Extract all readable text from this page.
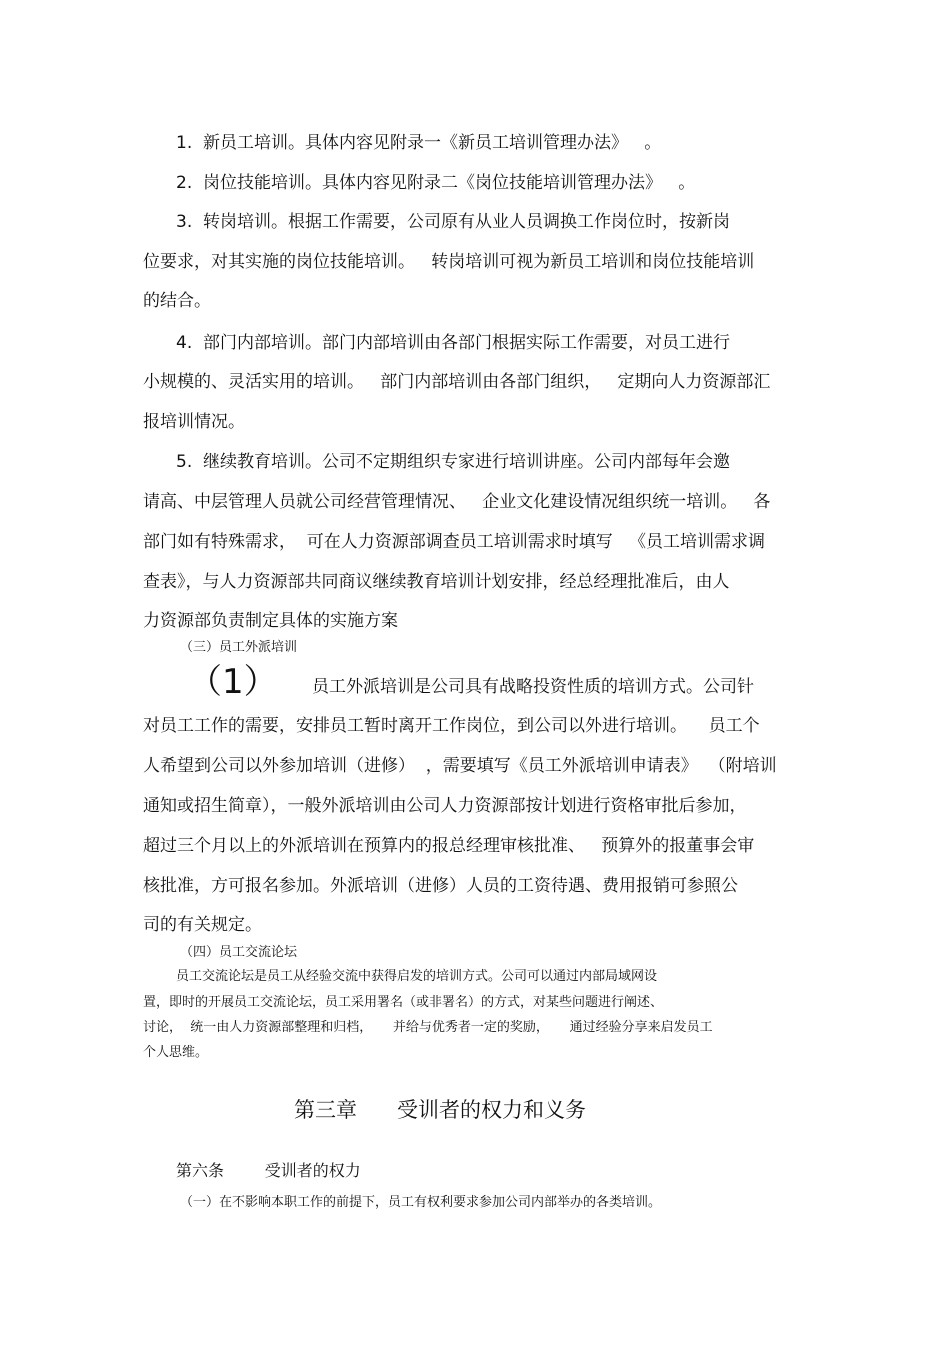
1.  新员工培训。具体内容见附录一《新员工培训管理办法》   。
2.  岗位技能培训。具体内容见附录二《岗位技能培训管理办法》   。
3.  转岗培训。根据工作需要，公司原有从业人员调换工作岗位时，按新岗
位要求，对其实施的岗位技能培训。   转岗培训可视为新员工培训和岗位技能培训
的结合。
4.  部门内部培训。部门内部培训由各部门根据实际工作需要，对员工进行
小规模的、灵活实用的培训。   部门内部培训由各部门组织，   定期向人力资源部汇
报培训情况。
5.  继续教育培训。公司不定期组织专家进行培训讲座。公司内部每年会邀
请高、中层管理人员就公司经营管理情况、   企业文化建设情况组织统一培训。   各
部门如有特殊需求，  可在人力资源部调查员工培训需求时填写   《员工培训需求调
查表》，与人力资源部共同商议继续教育培训计划安排，经总经理批准后，由人
力资源部负责制定具体的实施方案
（三）员工外派培训
（1） 员工外派培训是公司具有战略投资性质的培训方式。公司针
对员工工作的需要，安排员工暂时离开工作岗位，到公司以外进行培训。    员工个
人希望到公司以外参加培训（进修）  ，需要填写《员工外派培训申请表》  （附培训
通知或招生简章），一般外派培训由公司人力资源部按计划进行资格审批后参加，
超过三个月以上的外派培训在预算内的报总经理审核批准、   预算外的报董事会审
核批准，方可报名参加。外派培训（进修）人员的工资待遇、费用报销可参照公
司的有关规定。
（四）员工交流论坛
员工交流论坛是员工从经验交流中获得启发的培训方式。公司可以通过内部局域网设
置，即时的开展员工交流论坛，员工采用署名（或非署名）的方式，对某些问题进行阐述、
讨论，  统一由人力资源部整理和归档，     并给与优秀者一定的奖励，     通过经验分享来启发员工
个人思维。
第三章      受训者的权力和义务
第六条        受训者的权力
（一）在不影响本职工作的前提下，员工有权利要求参加公司内部举办的各类培训。
